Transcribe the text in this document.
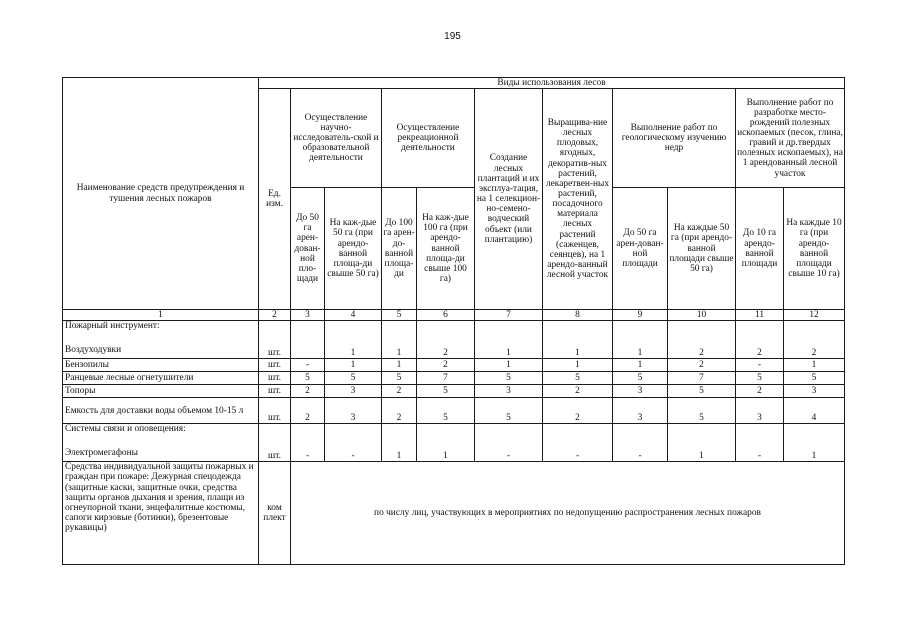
195
Наименование средств предупреждения и тушения лесных пожаров	Виды использования лесов										
	Ед. изм.	Осуществление научно-исследователь-ской и образовательной деятельности		Осуществление рекреационной деятельности		Создание лесных плантаций и их эксплуа-тация, на 1 селекцион-но-семено-водческий объект (или плантацию)	Выращива-ние лесных плодовых, ягодных, декоратив-ных растений, лекаретвен-ных растений, посадочного материала лесных растений (саженцев, сеянцев), на 1 арендо-ванный лесной участок	Выполнение работ по геологическому изучению недр		Выполнение работ по разработке место-рождений полезных ископаемых (песок, глина, гравий и др.твердых полезных ископаемых), на 1 арендованный лесной участок	
		До 50 га арен-дован-ной пло-щади	На каж-дые 50 га (при арендо-ванной площа-ди свыше 50 га)	До 100 га арен-до-ванной площа-ди	На каж-дые 100 га (при арендо-ванной площа-ди свыше 100 га)			До 50 га арен-дован-ной площади	На каждые 50 га (при арендо-ванной площади свыше 50 га)	До 10 га арендо-ванной площади	На каждые 10 га (при арендо-ванной площади свыше 10 га)
1	2	3	4	5	6	7	8	9	10	11	12

Пожарный инструмент:
Воздуходувки	шт.		1	1	2	1	1	1	2	2	2
Бензопилы	шт.	-	1	1	2	1	1	1	2	-	1
Ранцевые лесные огнетушители	шт.	5	5	5	7	5	5	5	7	5	5
Топоры	шт.	2	3	2	5	3	2	3	5	2	3
Емкость для доставки воды объемом 10-15 л	шт.	2	3	2	5	5	2	3	5	3	4

Системы связи и оповещения:
Электромегафоны	шт.	-	-	1	1	-	-	-	1	-	1
Средства индивидуальной защиты пожарных и граждан при пожаре: Дежурная спецодежда (защитные каски, защитные очки, средства защиты органов дыхания и зрения, плащи из огнеупорной ткани, энцефалитные костюмы, сапоги кирзовые (ботинки), брезентовые рукавицы)	ком плект	по числу лиц, участвующих в мероприятиях по недопущению распространения лесных пожаров									
